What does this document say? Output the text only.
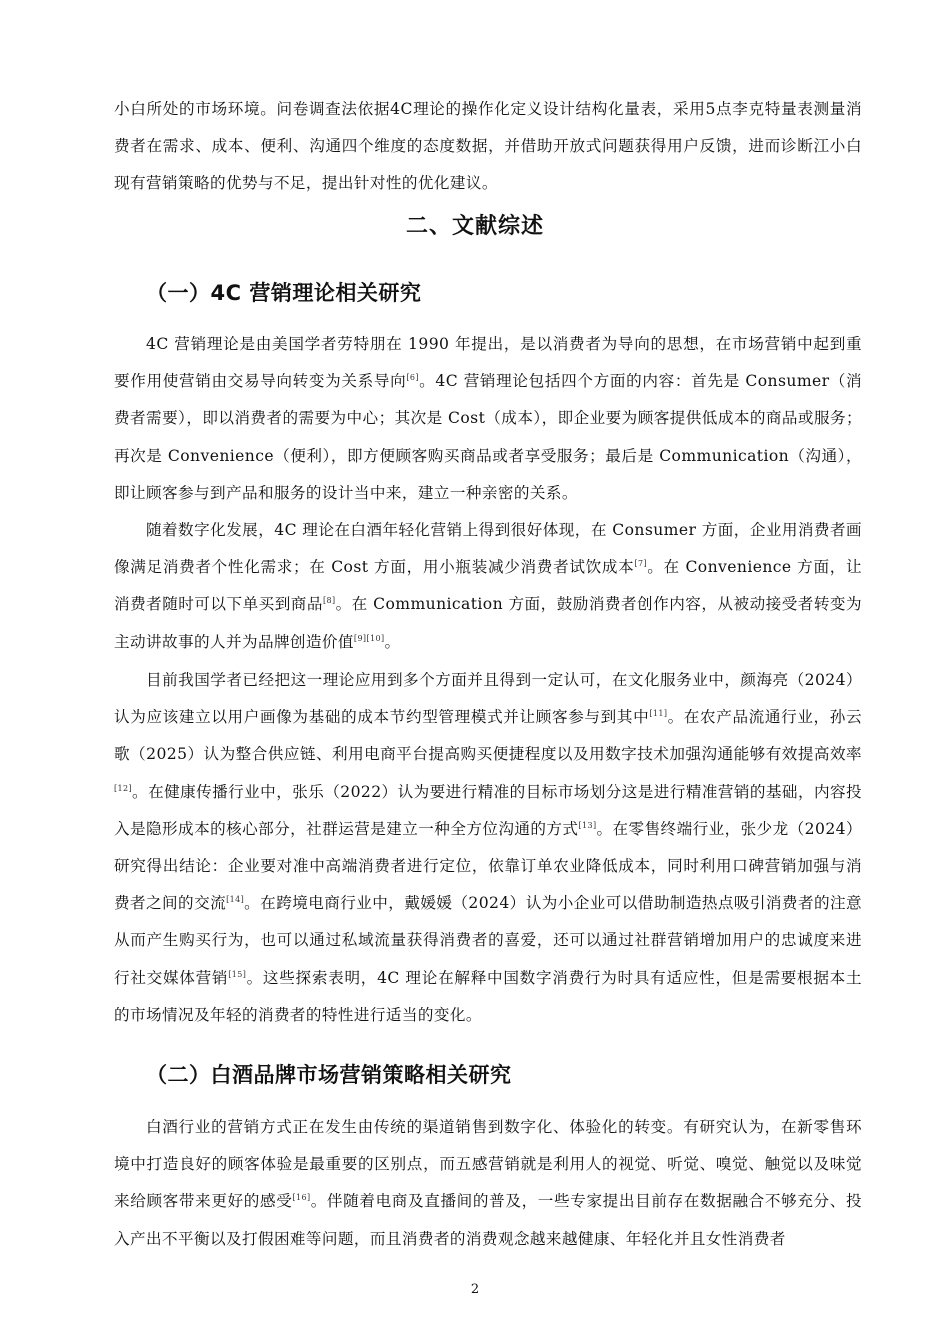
小白所处的市场环境。问卷调查法依据4C理论的操作化定义设计结构化量表，采用5点李克特量表测量消费者在需求、成本、便利、沟通四个维度的态度数据，并借助开放式问题获得用户反馈，进而诊断江小白现有营销策略的优势与不足，提出针对性的优化建议。

二、文献综述
（一）4C 营销理论相关研究

4C 营销理论是由美国学者劳特朋在 1990 年提出，是以消费者为导向的思想，在市场营销中起到重要作用使营销由交易导向转变为关系导向[6]。4C 营销理论包括四个方面的内容：首先是 Consumer（消费者需要），即以消费者的需要为中心；其次是 Cost（成本），即企业要为顾客提供低成本的商品或服务；再次是 Convenience（便利），即方便顾客购买商品或者享受服务；最后是 Communication（沟通），即让顾客参与到产品和服务的设计当中来，建立一种亲密的关系。

随着数字化发展，4C 理论在白酒年轻化营销上得到很好体现，在 Consumer 方面，企业用消费者画像满足消费者个性化需求；在 Cost 方面，用小瓶装减少消费者试饮成本[7]。在 Convenience 方面，让消费者随时可以下单买到商品[8]。在 Communication 方面，鼓励消费者创作内容，从被动接受者转变为主动讲故事的人并为品牌创造价值[9][10]。

目前我国学者已经把这一理论应用到多个方面并且得到一定认可，在文化服务业中，颜海亮（2024）认为应该建立以用户画像为基础的成本节约型管理模式并让顾客参与到其中[11]。在农产品流通行业，孙云歌（2025）认为整合供应链、利用电商平台提高购买便捷程度以及用数字技术加强沟通能够有效提高效率[12]。在健康传播行业中，张乐（2022）认为要进行精准的目标市场划分这是进行精准营销的基础，内容投入是隐形成本的核心部分，社群运营是建立一种全方位沟通的方式[13]。在零售终端行业，张少龙（2024）研究得出结论：企业要对准中高端消费者进行定位，依靠订单农业降低成本，同时利用口碑营销加强与消费者之间的交流[14]。在跨境电商行业中，戴媛媛（2024）认为小企业可以借助制造热点吸引消费者的注意从而产生购买行为，也可以通过私域流量获得消费者的喜爱，还可以通过社群营销增加用户的忠诚度来进行社交媒体营销[15]。这些探索表明，4C 理论在解释中国数字消费行为时具有适应性，但是需要根据本土的市场情况及年轻的消费者的特性进行适当的变化。

（二）白酒品牌市场营销策略相关研究

白酒行业的营销方式正在发生由传统的渠道销售到数字化、体验化的转变。有研究认为，在新零售环境中打造良好的顾客体验是最重要的区别点，而五感营销就是利用人的视觉、听觉、嗅觉、触觉以及味觉来给顾客带来更好的感受[16]。伴随着电商及直播间的普及，一些专家提出目前存在数据融合不够充分、投入产出不平衡以及打假困难等问题，而且消费者的消费观念越来越健康、年轻化并且女性消费者

2
